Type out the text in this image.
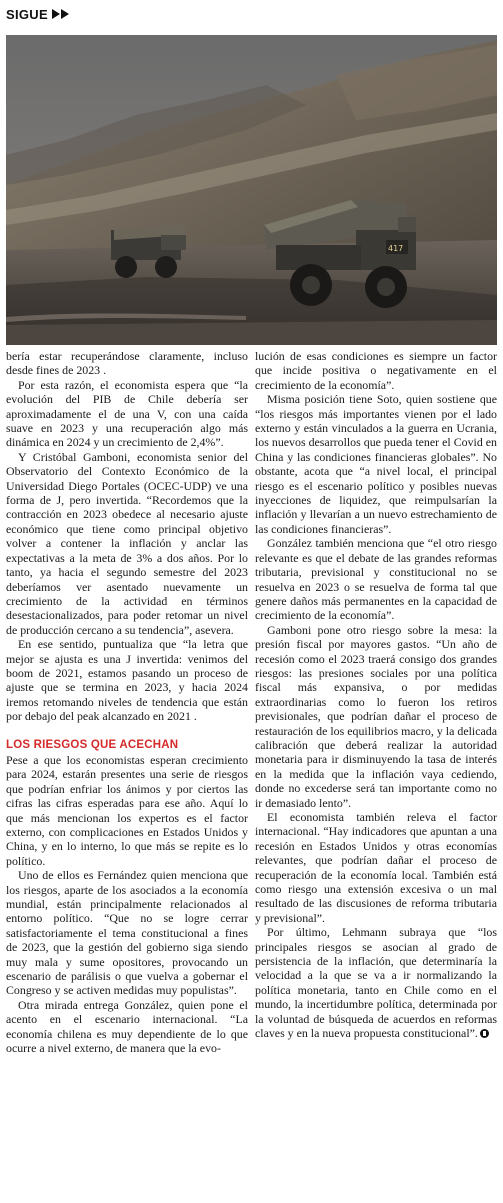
SIGUE
417

bería estar recuperándose claramente, incluso desde fines de 2023 .

Por esta razón, el economista espera que “la evolución del PIB de Chile debería ser aproximadamente el de una V, con una caída suave en 2023 y una recuperación algo más dinámica en 2024 y un crecimiento de 2,4%”.

Y Cristóbal Gamboni, economista senior del Observatorio del Contexto Económico de la Universidad Diego Portales (OCEC-UDP) ve una forma de J, pero invertida. “Recordemos que la contracción en 2023 obedece al necesario ajuste económico que tiene como principal objetivo volver a contener la inflación y anclar las expectativas a la meta de 3% a dos años. Por lo tanto, ya hacia el segundo semestre del 2023 deberíamos ver asentado nuevamente un crecimiento de la actividad en términos desestacionalizados, para poder retomar un nivel de producción cercano a su tendencia”, asevera.

En ese sentido, puntualiza que “la letra que mejor se ajusta es una J invertida: venimos del boom de 2021, estamos pasando un proceso de ajuste que se termina en 2023, y hacia 2024 iremos retomando niveles de tendencia que están por debajo del peak alcanzado en 2021 .

LOS RIESGOS QUE ACECHAN

Pese a que los economistas esperan crecimiento para 2024, estarán presentes una serie de riesgos que podrían enfriar los ánimos y por ciertos las cifras las cifras esperadas para ese año. Aquí lo que más mencionan los expertos es el factor externo, con complicaciones en Estados Unidos y China, y en lo interno, lo que más se repite es lo político.

Uno de ellos es Fernández quien menciona que los riesgos, aparte de los asociados a la economía mundial, están principalmente relacionados al entorno político. “Que no se logre cerrar satisfactoriamente el tema constitucional a fines de 2023, que la gestión del gobierno siga siendo muy mala y sume opositores, provocando un escenario de parálisis o que vuelva a gobernar el Congreso y se activen medidas muy populistas”.

Otra mirada entrega González, quien pone el acento en el escenario internacional. “La economía chilena es muy dependiente de lo que ocurre a nivel externo, de manera que la evo-

lución de esas condiciones es siempre un factor que incide positiva o negativamente en el crecimiento de la economía”.

Misma posición tiene Soto, quien sostiene que “los riesgos más importantes vienen por el lado externo y están vinculados a la guerra en Ucrania, los nuevos desarrollos que pueda tener el Covid en China y las condiciones financieras globales”. No obstante, acota que “a nivel local, el principal riesgo es el escenario político y posibles nuevas inyecciones de liquidez, que reimpulsarían la inflación y llevarían a un nuevo estrechamiento de las condiciones financieras”.

González también menciona que “el otro riesgo relevante es que el debate de las grandes reformas tributaria, previsional y constitucional no se resuelva en 2023 o se resuelva de forma tal que genere daños más permanentes en la capacidad de crecimiento de la economía”.

Gamboni pone otro riesgo sobre la mesa: la presión fiscal por mayores gastos. “Un año de recesión como el 2023 traerá consigo dos grandes riesgos: las presiones sociales por una política fiscal más expansiva, o por medidas extraordinarias como lo fueron los retiros previsionales, que podrían dañar el proceso de restauración de los equilibrios macro, y la delicada calibración que deberá realizar la autoridad monetaria para ir disminuyendo la tasa de interés en la medida que la inflación vaya cediendo, donde no excederse será tan importante como no ir demasiado lento”.

El economista también releva el factor internacional. “Hay indicadores que apuntan a una recesión en Estados Unidos y otras economías relevantes, que podrían dañar el proceso de recuperación de la economía local. También está como riesgo una extensión excesiva o un mal resultado de las discusiones de reforma tributaria y previsional”.

Por último, Lehmann subraya que “los principales riesgos se asocian al grado de persistencia de la inflación, que determinaría la velocidad a la que se va a ir normalizando la política monetaria, tanto en Chile como en el mundo, la incertidumbre política, determinada por la voluntad de búsqueda de acuerdos en reformas claves y en la nueva propuesta constitucional”.
